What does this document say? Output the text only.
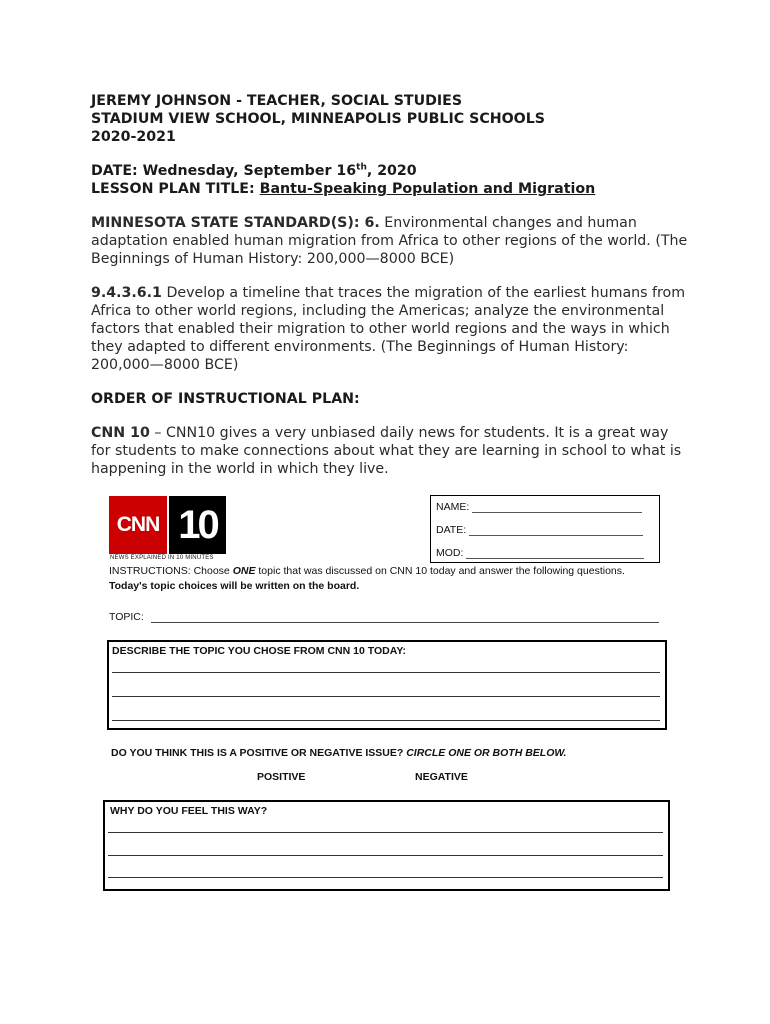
JEREMY JOHNSON - TEACHER, SOCIAL STUDIES
STADIUM VIEW SCHOOL, MINNEAPOLIS PUBLIC SCHOOLS
2020-2021
DATE: Wednesday, September 16th, 2020
LESSON PLAN TITLE: Bantu-Speaking Population and Migration
MINNESOTA STATE STANDARD(S): 6. Environmental changes and human adaptation enabled human migration from Africa to other regions of the world. (The Beginnings of Human History: 200,000—8000 BCE)
9.4.3.6.1 Develop a timeline that traces the migration of the earliest humans from Africa to other world regions, including the Americas; analyze the environmental factors that enabled their migration to other world regions and the ways in which they adapted to different environments. (The Beginnings of Human History: 200,000—8000 BCE)
ORDER OF INSTRUCTIONAL PLAN:
CNN 10 – CNN10 gives a very unbiased daily news for students. It is a great way for students to make connections about what they are learning in school to what is happening in the world in which they live.
CNN 10
NEWS EXPLAINED IN 10 MINUTES
NAME:
DATE:
MOD:
INSTRUCTIONS: Choose ONE topic that was discussed on CNN 10 today and answer the following questions.
Today's topic choices will be written on the board.
TOPIC:
DESCRIBE THE TOPIC YOU CHOSE FROM CNN 10 TODAY:
DO YOU THINK THIS IS A POSITIVE OR NEGATIVE ISSUE? CIRCLE ONE OR BOTH BELOW.
POSITIVE	NEGATIVE
WHY DO YOU FEEL THIS WAY?
